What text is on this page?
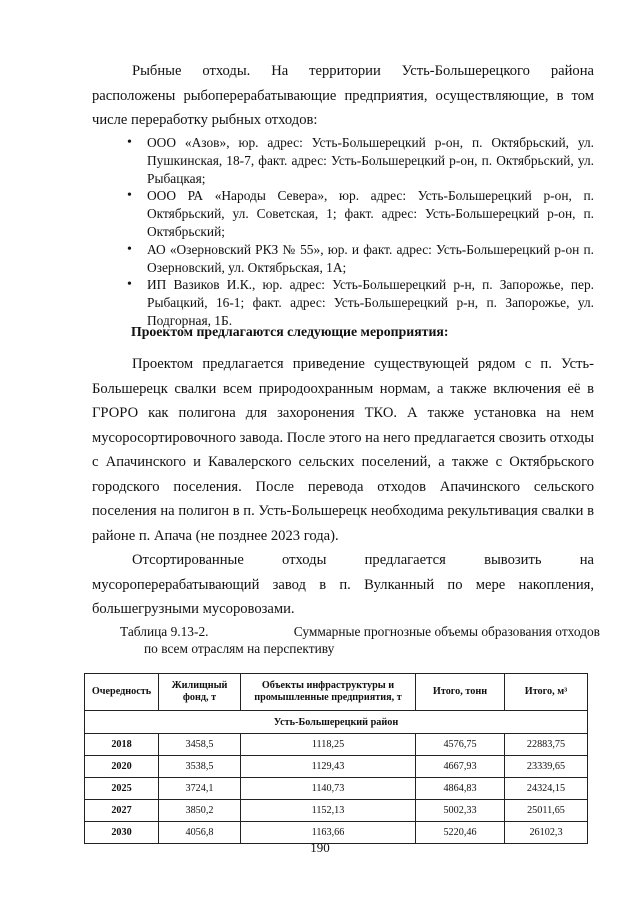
Рыбные отходы. На территории Усть-Большерецкого района расположены рыбоперерабатывающие предприятия, осуществляющие, в том числе переработку рыбных отходов:

• ООО «Азов», юр. адрес: Усть-Большерецкий р-он, п. Октябрьский, ул. Пушкинская, 18-7, факт. адрес: Усть-Большерецкий р-он, п. Октябрьский, ул. Рыбацкая;
• ООО РА «Народы Севера», юр. адрес: Усть-Большерецкий р-он, п. Октябрьский, ул. Советская, 1; факт. адрес: Усть-Большерецкий р-он, п. Октябрьский;
• АО «Озерновский РКЗ № 55», юр. и факт. адрес: Усть-Большерецкий р-он п. Озерновский, ул. Октябрьская, 1А;
• ИП Вазиков И.К., юр. адрес: Усть-Большерецкий р-н, п. Запорожье, пер. Рыбацкий, 16-1; факт. адрес: Усть-Большерецкий р-н, п. Запорожье, ул. Подгорная, 1Б.

Проектом предлагаются следующие мероприятия:

Проектом предлагается приведение существующей рядом с п. Усть-Большерецк свалки всем природоохранным нормам, а также включения её в ГРОРО как полигона для захоронения ТКО. А также установка на нем мусоросортировочного завода. После этого на него предлагается свозить отходы с Апачинского и Кавалерского сельских поселений, а также с Октябрьского городского поселения. После перевода отходов Апачинского сельского поселения на полигон в п. Усть-Большерецк необходима рекультивация свалки в районе п. Апача (не позднее 2023 года).

Отсортированные отходы предлагается вывозить на мусороперерабатывающий завод в п. Вулканный по мере накопления, большегрузными мусоровозами.

Таблица 9.13-2.	Суммарные прогнозные объемы образования отходов
по всем отраслям на перспективу
Очередность	Жилищный фонд, т	Объекты инфраструктуры и промышленные предприятия, т	Итого, тонн	Итого, м³
Усть-Большерецкий район				
2018	3458,5	1118,25	4576,75	22883,75
2020	3538,5	1129,43	4667,93	23339,65
2025	3724,1	1140,73	4864,83	24324,15
2027	3850,2	1152,13	5002,33	25011,65
2030	4056,8	1163,66	5220,46	26102,3
190
